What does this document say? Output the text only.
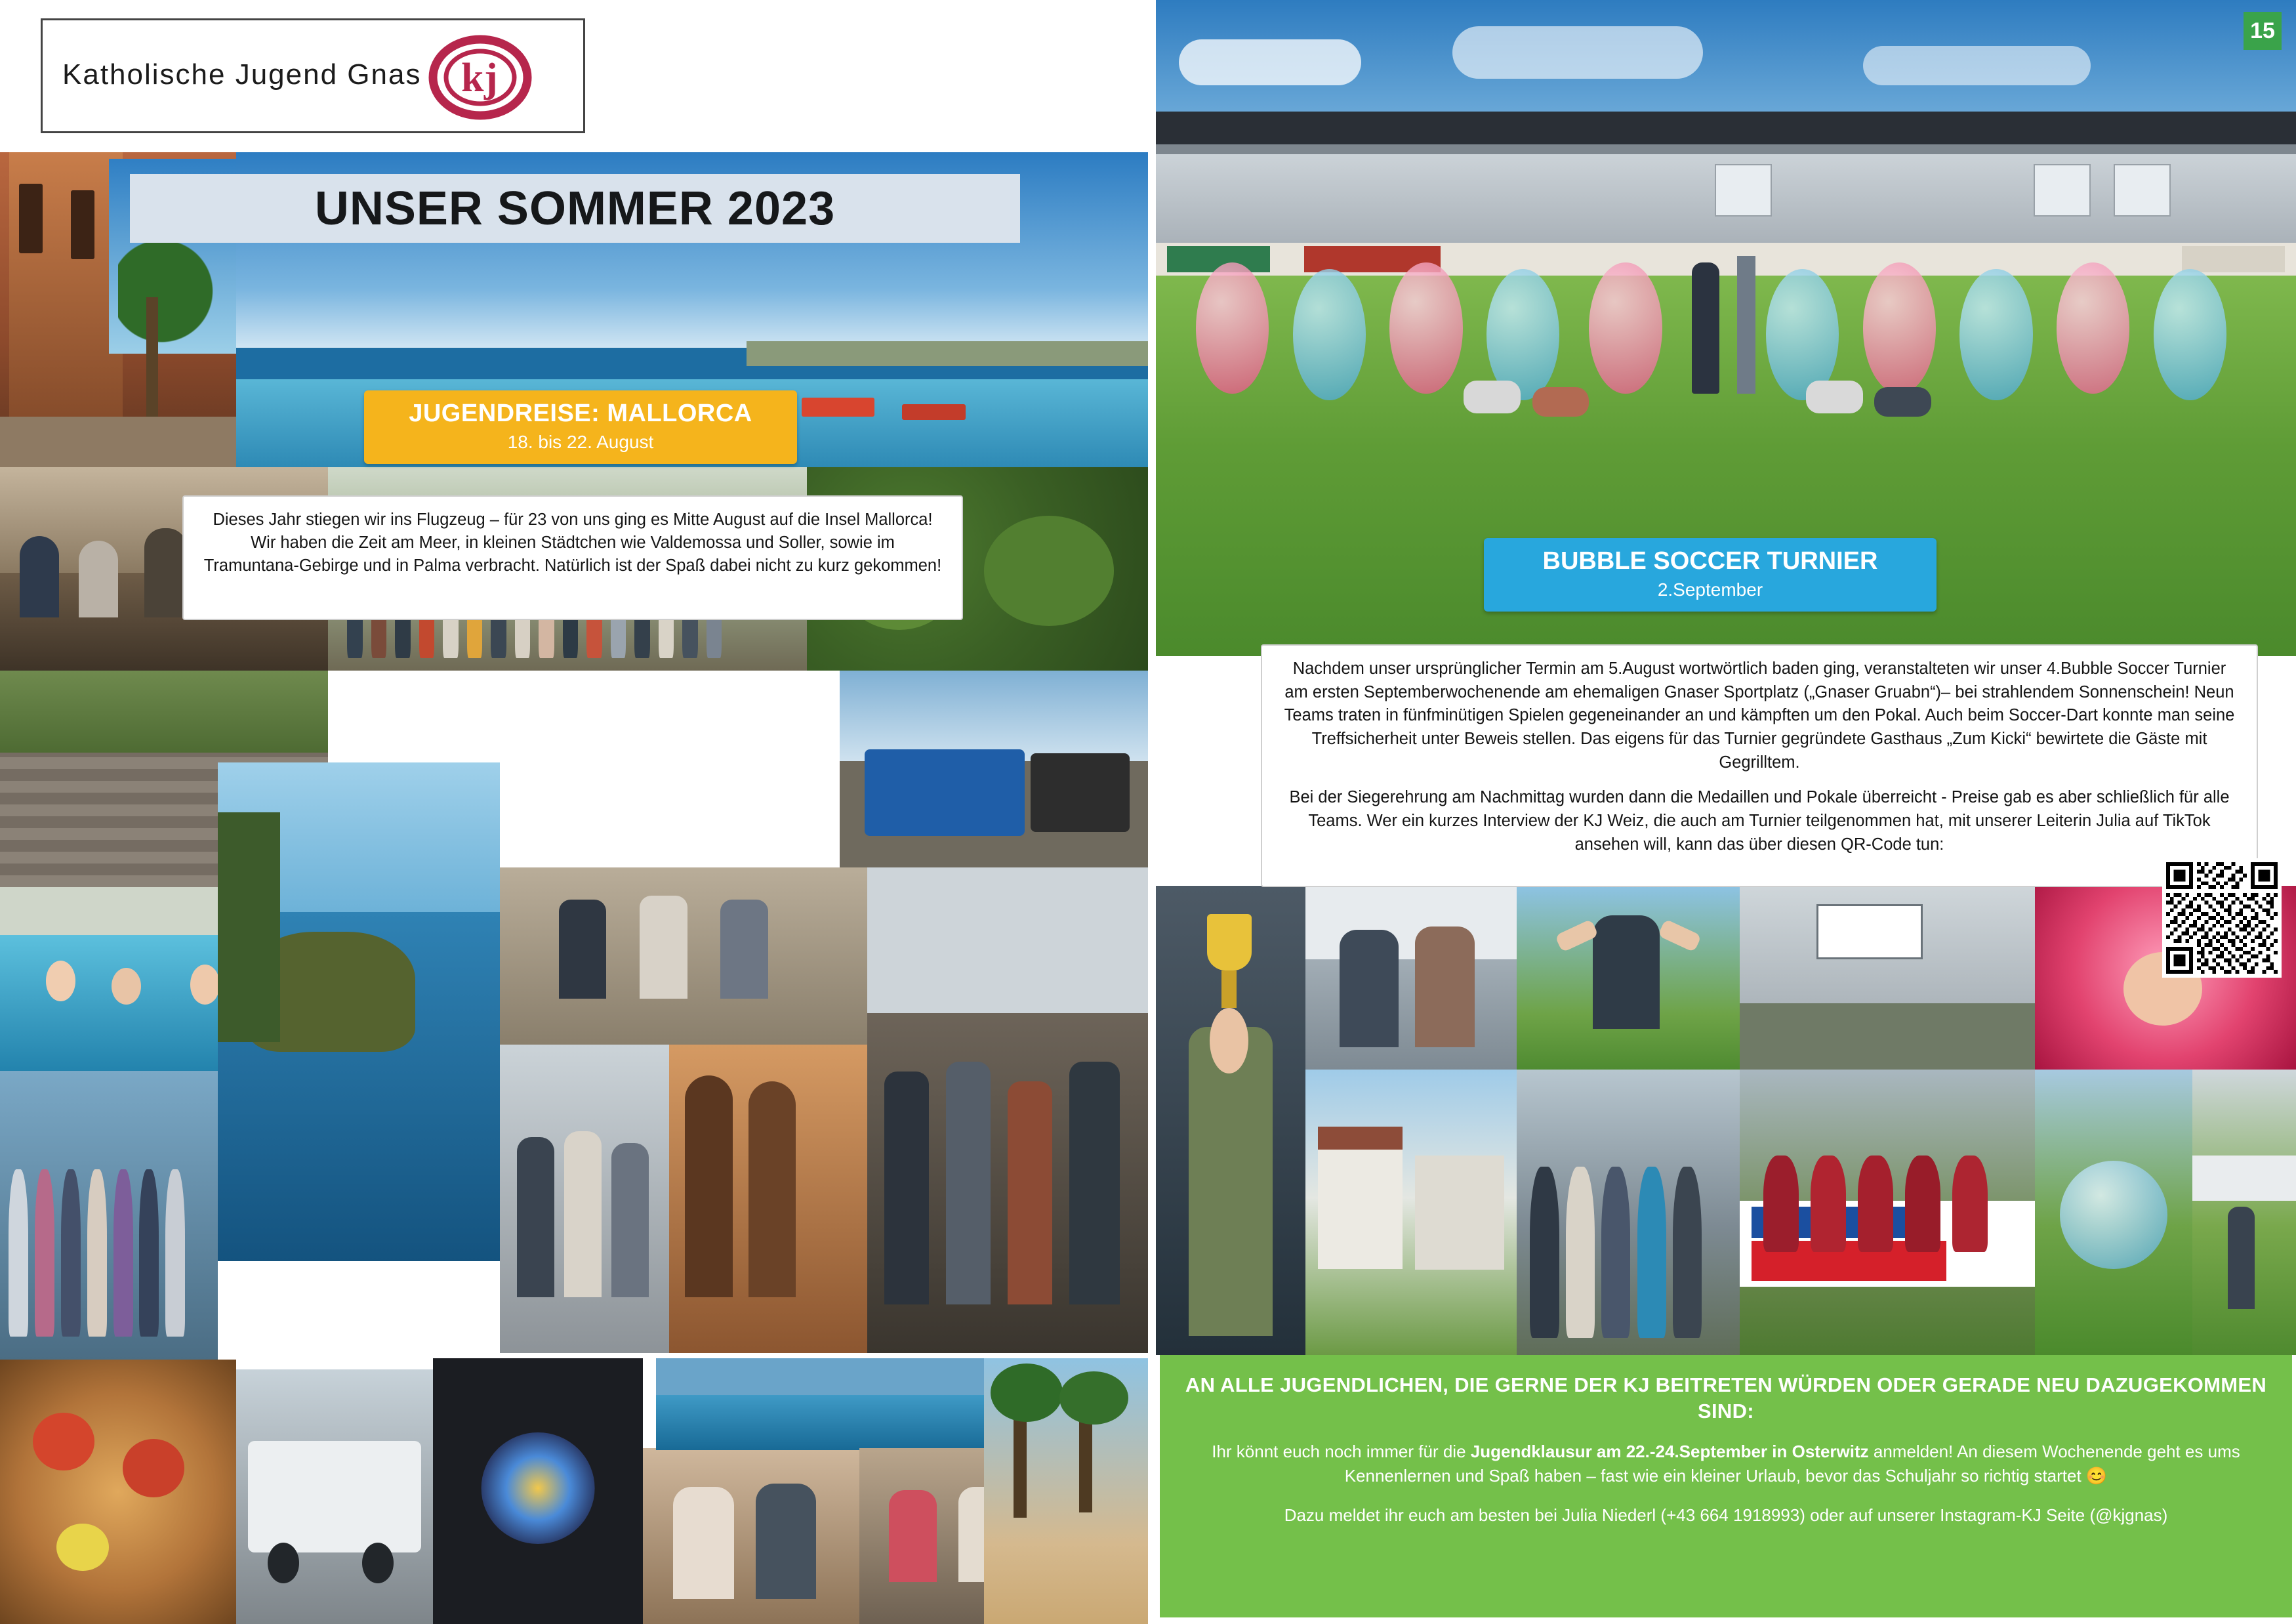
Katholische Jugend Gnas k j
UNSER SOMMER 2023
JUGENDREISE: MALLORCA
18. bis 22. August
Dieses Jahr stiegen wir ins Flugzeug – für 23 von uns ging es Mitte August auf die Insel Mallorca! Wir haben die Zeit am Meer, in kleinen Städtchen wie Valdemossa und Soller, sowie im Tramuntana-Gebirge und in Palma verbracht. Natürlich ist der Spaß dabei nicht zu kurz gekommen!	BUBBLE SOCCER TURNIER
2.September

Nachdem unser ursprünglicher Termin am 5.August wortwörtlich baden ging, veranstalteten wir unser 4.Bubble Soccer Turnier am ersten Septemberwochenende am ehemaligen Gnaser Sportplatz („Gnaser Gruabn“)– bei strahlendem Sonnenschein! Neun Teams traten in fünfminütigen Spielen gegeneinander an und kämpften um den Pokal. Auch beim Soccer-Dart konnte man seine Treffsicherheit unter Beweis stellen. Das eigens für das Turnier gegründete Gasthaus „Zum Kicki“ bewirtete die Gäste mit Gegrilltem.

Bei der Siegerehrung am Nachmittag wurden dann die Medaillen und Pokale überreicht - Preise gab es aber schließlich für alle Teams. Wer ein kurzes Interview der KJ Weiz, die auch am Turnier teilgenommen hat, mit unserer Leiterin Julia auf TikTok ansehen will, kann das über diesen QR-Code tun:

AN ALLE JUGENDLICHEN, DIE GERNE DER KJ BEITRETEN WÜRDEN ODER GERADE NEU DAZUGEKOMMEN SIND:

Ihr könnt euch noch immer für die Jugendklausur am 22.-24.September in Osterwitz anmelden! An diesem Wochenende geht es ums Kennenlernen und Spaß haben – fast wie ein kleiner Urlaub, bevor das Schuljahr so richtig startet 😊

Dazu meldet ihr euch am besten bei Julia Niederl (+43 664 1918993) oder auf unserer Instagram-KJ Seite (@kjgnas)

15
